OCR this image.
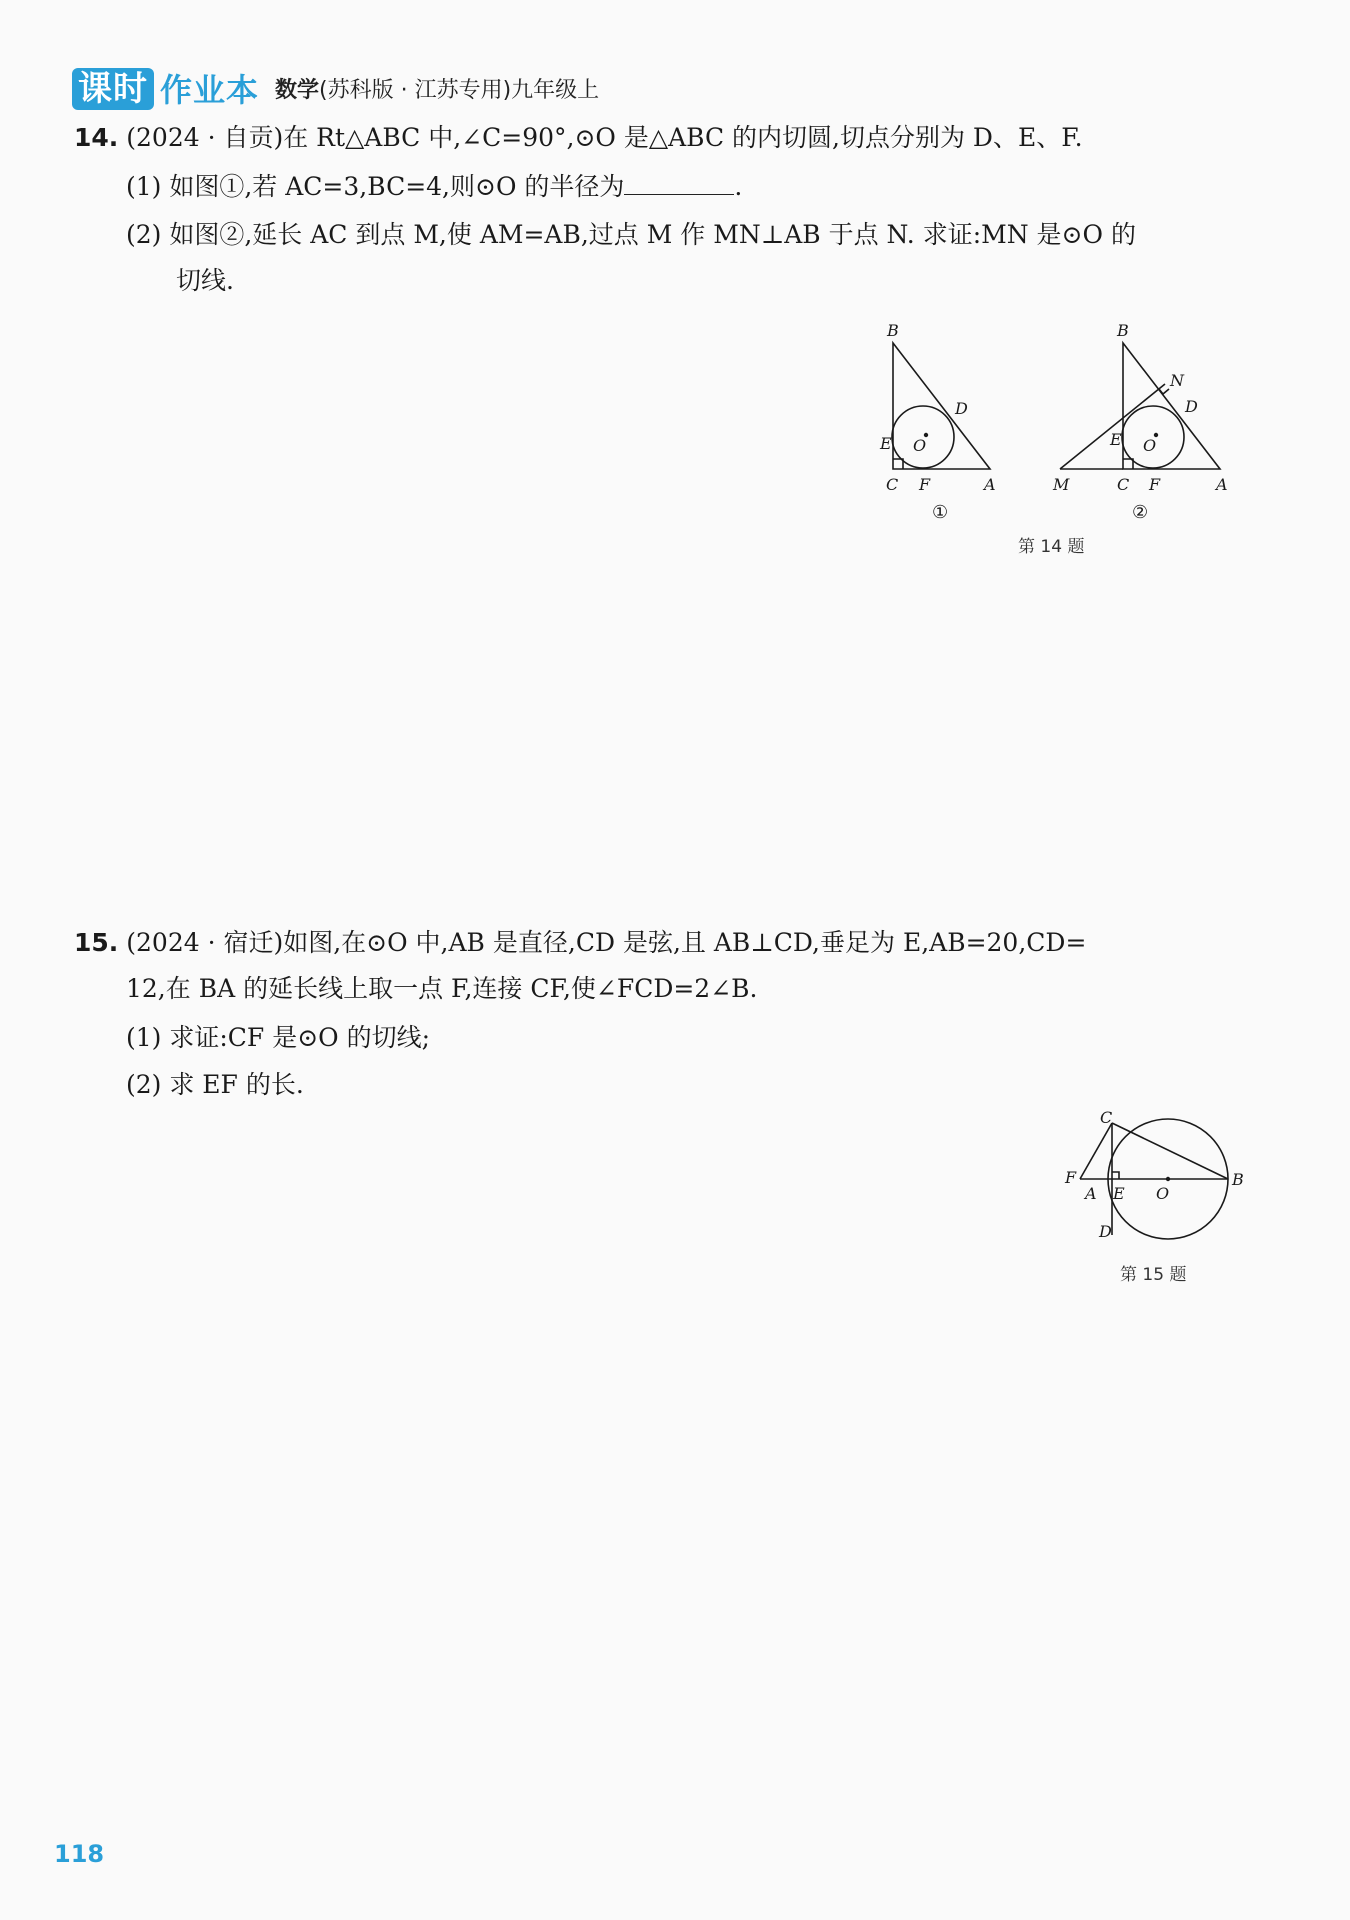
课时 作业本 数学(苏科版 · 江苏专用)九年级上
14. (2024 · 自贡)在 Rt△ABC 中,∠C=90°,⊙O 是△ABC 的内切圆,切点分别为 D、E、F.
(1) 如图①,若 AC=3,BC=4,则⊙O 的半径为	.
(2) 如图②,延长 AC 到点 M,使 AM=AB,过点 M 作 MN⊥AB 于点 N. 求证:MN 是⊙O 的
切线.
B
D
E O
C F	A
①
B
N
D
E O
M	C F	A
②
第 14 题
15. (2024 · 宿迁)如图,在⊙O 中,AB 是直径,CD 是弦,且 AB⊥CD,垂足为 E,AB=20,CD=
12,在 BA 的延长线上取一点 F,连接 CF,使∠FCD=2∠B.
(1) 求证:CF 是⊙O 的切线;
(2) 求 EF 的长.
C
F
A E O
B
D
第 15 题
118
